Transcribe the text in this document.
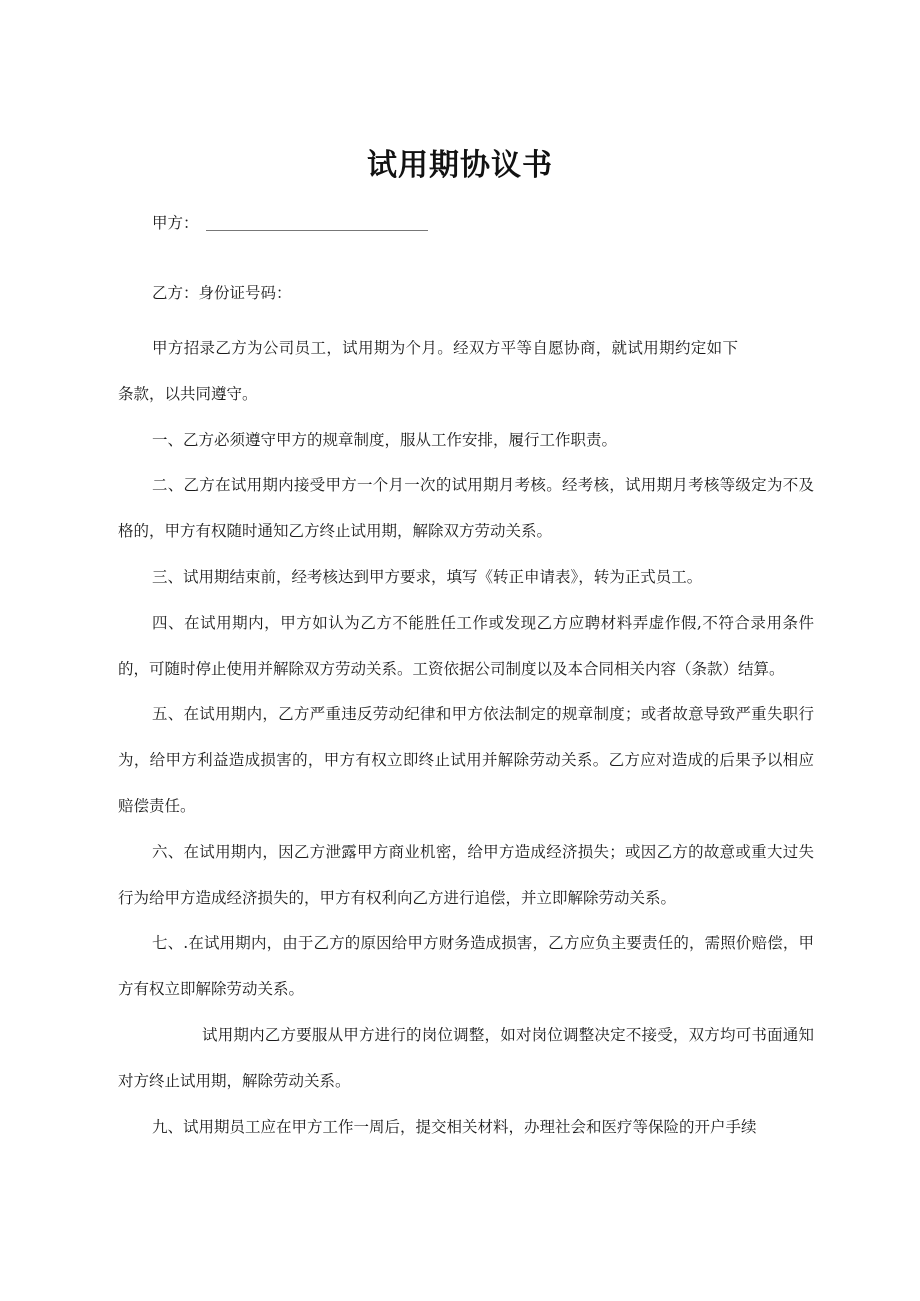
试用期协议书
甲方：
乙方：身份证号码：

甲方招录乙方为公司员工，试用期为个月。经双方平等自愿协商，就试用期约定如下条款，以共同遵守。

一、乙方必须遵守甲方的规章制度，服从工作安排，履行工作职责。

二、乙方在试用期内接受甲方一个月一次的试用期月考核。经考核，试用期月考核等级定为不及格的，甲方有权随时通知乙方终止试用期，解除双方劳动关系。

三、试用期结束前，经考核达到甲方要求，填写《转正申请表》，转为正式员工。

四、在试用期内，甲方如认为乙方不能胜任工作或发现乙方应聘材料弄虚作假,不符合录用条件的，可随时停止使用并解除双方劳动关系。工资依据公司制度以及本合同相关内容（条款）结算。

五、在试用期内，乙方严重违反劳动纪律和甲方依法制定的规章制度；或者故意导致严重失职行为，给甲方利益造成损害的，甲方有权立即终止试用并解除劳动关系。乙方应对造成的后果予以相应赔偿责任。

六、在试用期内，因乙方泄露甲方商业机密，给甲方造成经济损失；或因乙方的故意或重大过失行为给甲方造成经济损失的，甲方有权利向乙方进行追偿，并立即解除劳动关系。

七、.在试用期内，由于乙方的原因给甲方财务造成损害，乙方应负主要责任的，需照价赔偿，甲方有权立即解除劳动关系。

试用期内乙方要服从甲方进行的岗位调整，如对岗位调整决定不接受，双方均可书面通知对方终止试用期，解除劳动关系。

九、试用期员工应在甲方工作一周后，提交相关材料，办理社会和医疗等保险的开户手续
